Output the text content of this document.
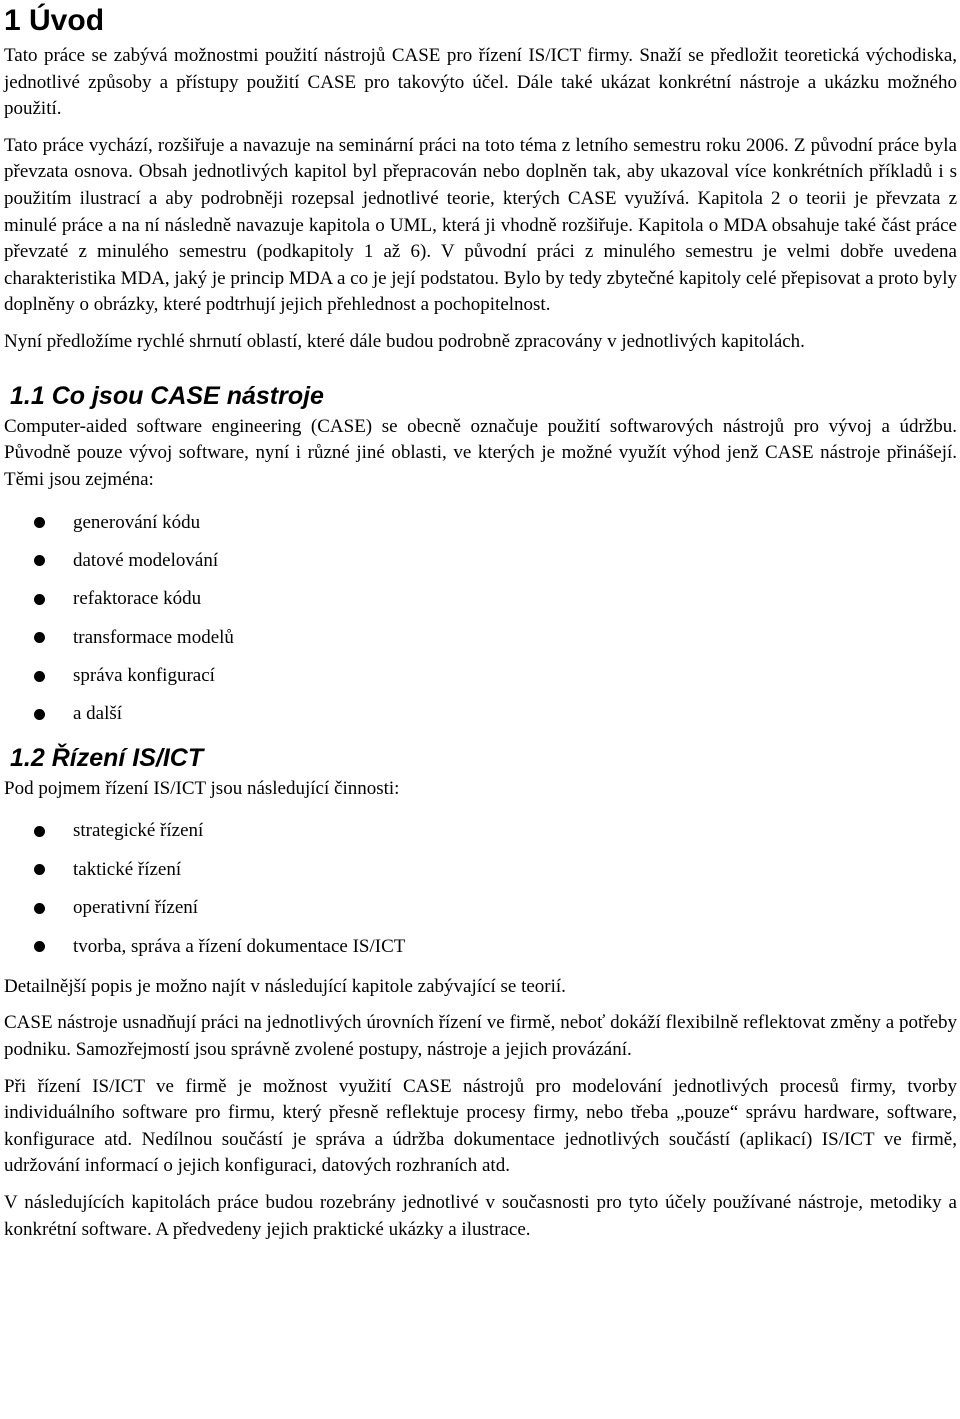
1 Úvod

Tato práce se zabývá možnostmi použití nástrojů CASE pro řízení IS/ICT firmy. Snaží se předložit teoretická východiska, jednotlivé způsoby a přístupy použití CASE pro takovýto účel. Dále také ukázat konkrétní nástroje a ukázku možného použití.

Tato práce vychází, rozšiřuje a navazuje na seminární práci na toto téma z letního semestru roku 2006. Z původní práce byla převzata osnova. Obsah jednotlivých kapitol byl přepracován nebo doplněn tak, aby ukazoval více konkrétních příkladů i s použitím ilustrací a aby podrobněji rozepsal jednotlivé teorie, kterých CASE využívá. Kapitola 2 o teorii je převzata z minulé práce a na ní následně navazuje kapitola o UML, která ji vhodně rozšiřuje. Kapitola o MDA obsahuje také část práce převzaté z minulého semestru (podkapitoly 1 až 6). V původní práci z minulého semestru je velmi dobře uvedena charakteristika MDA, jaký je princip MDA a co je její podstatou. Bylo by tedy zbytečné kapitoly celé přepisovat a proto byly doplněny o obrázky, které podtrhují jejich přehlednost a pochopitelnost.

Nyní předložíme rychlé shrnutí oblastí, které dále budou podrobně zpracovány v jednotlivých kapitolách.

1.1 Co jsou CASE nástroje

Computer-aided software engineering (CASE) se obecně označuje použití softwarových nástrojů pro vývoj a údržbu. Původně pouze vývoj software, nyní i různé jiné oblasti, ve kterých je možné využít výhod jenž CASE nástroje přinášejí. Těmi jsou zejména:

generování kódu
datové modelování
refaktorace kódu
transformace modelů
správa konfigurací
a další
1.2 Řízení IS/ICT

Pod pojmem řízení IS/ICT jsou následující činnosti:

strategické řízení
taktické řízení
operativní řízení
tvorba, správa a řízení dokumentace IS/ICT

Detailnější popis je možno najít v následující kapitole zabývající se teorií.

CASE nástroje usnadňují práci na jednotlivých úrovních řízení ve firmě, neboť dokáží flexibilně reflektovat změny a potřeby podniku. Samozřejmostí jsou správně zvolené postupy, nástroje a jejich provázání.

Při řízení IS/ICT ve firmě je možnost využití CASE nástrojů pro modelování jednotlivých procesů firmy, tvorby individuálního software pro firmu, který přesně reflektuje procesy firmy, nebo třeba „pouze“ správu hardware, software, konfigurace atd. Nedílnou součástí je správa a údržba dokumentace jednotlivých součástí (aplikací) IS/ICT ve firmě, udržování informací o jejich konfiguraci, datových rozhraních atd.

V následujících kapitolách práce budou rozebrány jednotlivé v současnosti pro tyto účely používané nástroje, metodiky a konkrétní software. A předvedeny jejich praktické ukázky a ilustrace.
